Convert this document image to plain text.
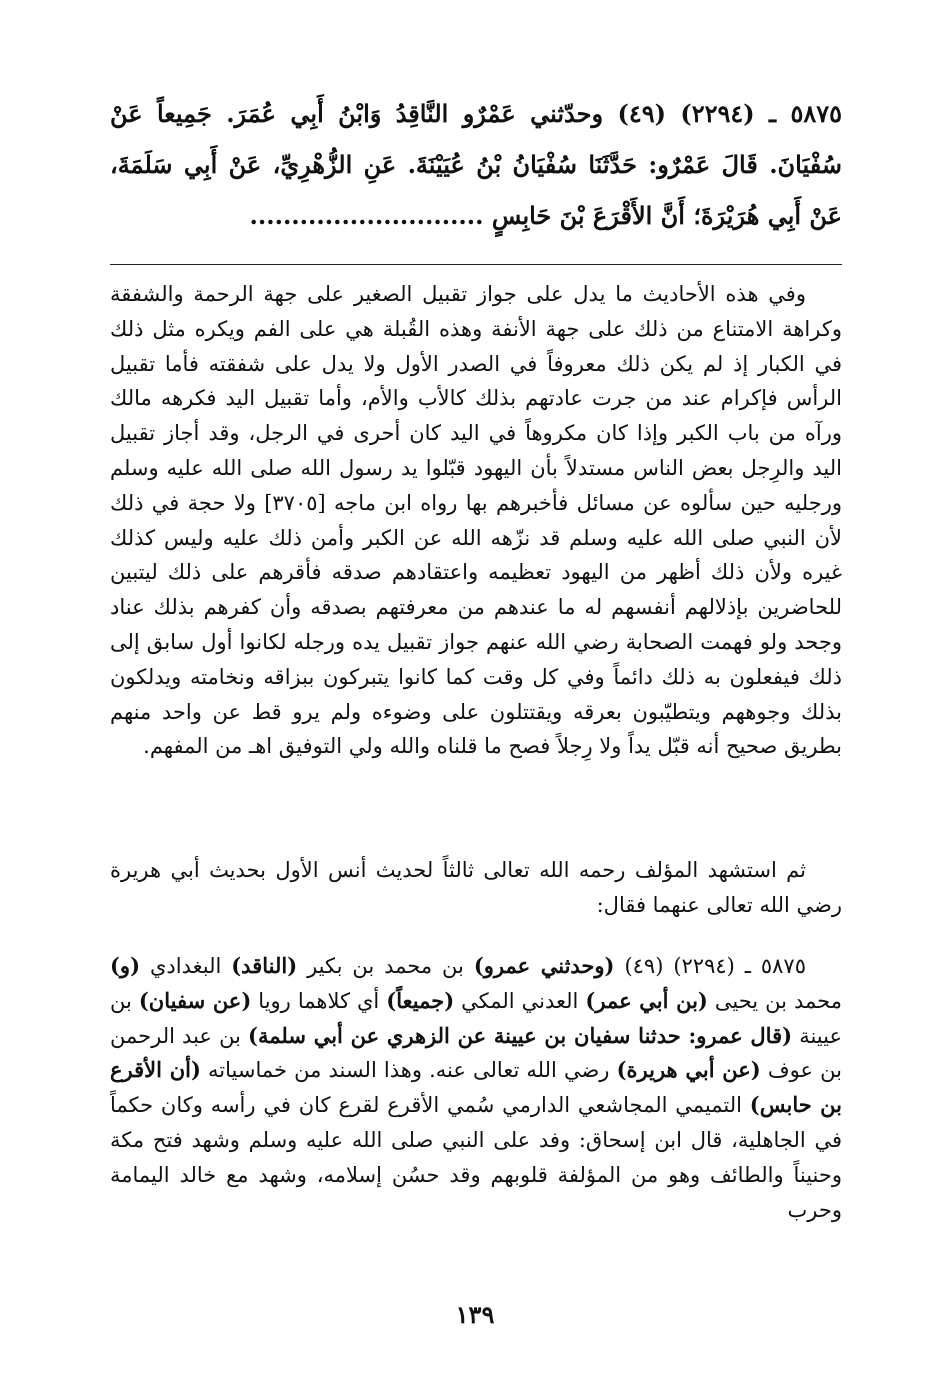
٥٨٧٥ ـ (٢٢٩٤) (٤٩) وحدّثني عَمْرٌو النَّاقِدُ وَابْنُ أَبِي عُمَرَ. جَمِيعاً عَنْ سُفْيَانَ. قَالَ عَمْرٌو: حَدَّثَنَا سُفْيَانُ بْنُ عُيَيْنَةَ. عَنِ الزُّهْرِيِّ، عَنْ أَبِي سَلَمَةَ، عَنْ أَبِي هُرَيْرَةَ؛ أَنَّ الأَقْرَعَ بْنَ حَابِسٍ ............................

وفي هذه الأحاديث ما يدل على جواز تقبيل الصغير على جهة الرحمة والشفقة وكراهة الامتناع من ذلك على جهة الأنفة وهذه القُبلة هي على الفم ويكره مثل ذلك في الكبار إذ لم يكن ذلك معروفاً في الصدر الأول ولا يدل على شفقته فأما تقبيل الرأس فإكرام عند من جرت عادتهم بذلك كالأب والأم، وأما تقبيل اليد فكرهه مالك ورآه من باب الكبر وإذا كان مكروهاً في اليد كان أحرى في الرجل، وقد أجاز تقبيل اليد والرِجل بعض الناس مستدلاً بأن اليهود قبّلوا يد رسول الله صلى الله عليه وسلم ورجليه حين سألوه عن مسائل فأخبرهم بها رواه ابن ماجه [٣٧٠٥] ولا حجة في ذلك لأن النبي صلى الله عليه وسلم قد نزّهه الله عن الكبر وأمن ذلك عليه وليس كذلك غيره ولأن ذلك أظهر من اليهود تعظيمه واعتقادهم صدقه فأقرهم على ذلك ليتبين للحاضرين بإذلالهم أنفسهم له ما عندهم من معرفتهم بصدقه وأن كفرهم بذلك عناد وجحد ولو فهمت الصحابة رضي الله عنهم جواز تقبيل يده ورجله لكانوا أول سابق إلى ذلك فيفعلون به ذلك دائماً وفي كل وقت كما كانوا يتبركون ببزاقه ونخامته ويدلكون بذلك وجوههم ويتطيّبون بعرقه ويقتتلون على وضوءه ولم يرو قط عن واحد منهم بطريق صحيح أنه قبّل يداً ولا رِجلاً فصح ما قلناه والله ولي التوفيق اهـ من المفهم.

ثم استشهد المؤلف رحمه الله تعالى ثالثاً لحديث أنس الأول بحديث أبي هريرة رضي الله تعالى عنهما فقال:

٥٨٧٥ ـ (٢٢٩٤) (٤٩) (وحدثني عمرو) بن محمد بن بكير (الناقد) البغدادي (و) محمد بن يحيى (بن أبي عمر) العدني المكي (جميعاً) أي كلاهما رويا (عن سفيان) بن عيينة (قال عمرو: حدثنا سفيان بن عيينة عن الزهري عن أبي سلمة) بن عبد الرحمن بن عوف (عن أبي هريرة) رضي الله تعالى عنه. وهذا السند من خماسياته (أن الأقرع بن حابس) التميمي المجاشعي الدارمي سُمي الأقرع لقرع كان في رأسه وكان حكماً في الجاهلية، قال ابن إسحاق: وفد على النبي صلى الله عليه وسلم وشهد فتح مكة وحنيناً والطائف وهو من المؤلفة قلوبهم وقد حسُن إسلامه، وشهد مع خالد اليمامة وحرب

١٣٩
